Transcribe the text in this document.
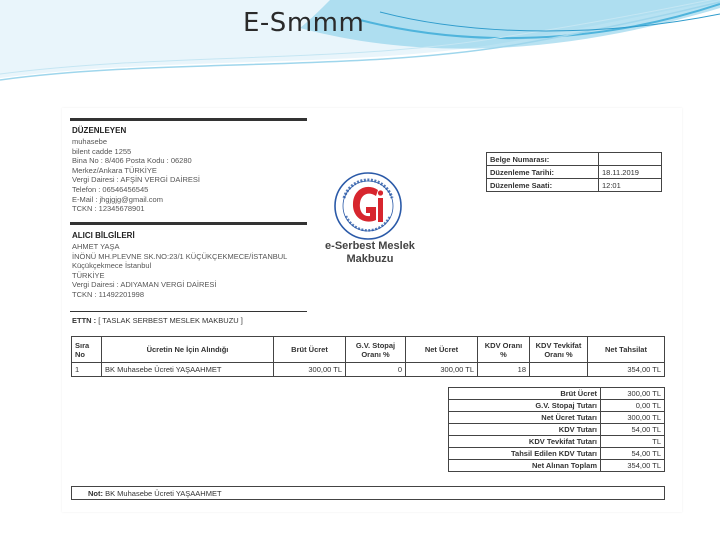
E-Smmm
DÜZENLEYEN
muhasebe
bilent cadde 1255
Bina No : 8/406 Posta Kodu : 06280
Merkez/Ankara TÜRKİYE
Vergi Dairesi : AFŞİN VERGİ DAİRESİ
Telefon : 06546456545
E-Mail : jhgjgjg@gmail.com
TCKN : 12345678901
ALICI BİLGİLERİ
AHMET YAŞA
İNÖNÜ MH.PLEVNE SK.NO:23/1 KÜÇÜKÇEKMECE/İSTANBUL
Küçükçekmece İstanbul
TÜRKİYE
Vergi Dairesi : ADIYAMAN VERGİ DAİRESİ
TCKN : 11492201998
Belge Numarası:	
Düzenleme Tarihi:	18.11.2019
Düzenleme Saati:	12:01
e-Serbest Meslek
Makbuzu
ETTN : [ TASLAK SERBEST MESLEK MAKBUZU ]
Sıra No	Ücretin Ne İçin Alındığı	Brüt Ücret	G.V. Stopaj Oranı %	Net Ücret	KDV Oranı %	KDV Tevkifat Oranı %	Net Tahsilat
1	BK Muhasebe Ücreti YAŞAAHMET	300,00 TL	0	300,00 TL	18		354,00 TL
Brüt Ücret	300,00 TL
G.V. Stopaj Tutarı	0,00 TL
Net Ücret Tutarı	300,00 TL
KDV Tutarı	54,00 TL
KDV Tevkifat Tutarı	TL
Tahsil Edilen KDV Tutarı	54,00 TL
Net Alınan Toplam	354,00 TL
Not: BK Muhasebe Ücreti YAŞAAHMET
